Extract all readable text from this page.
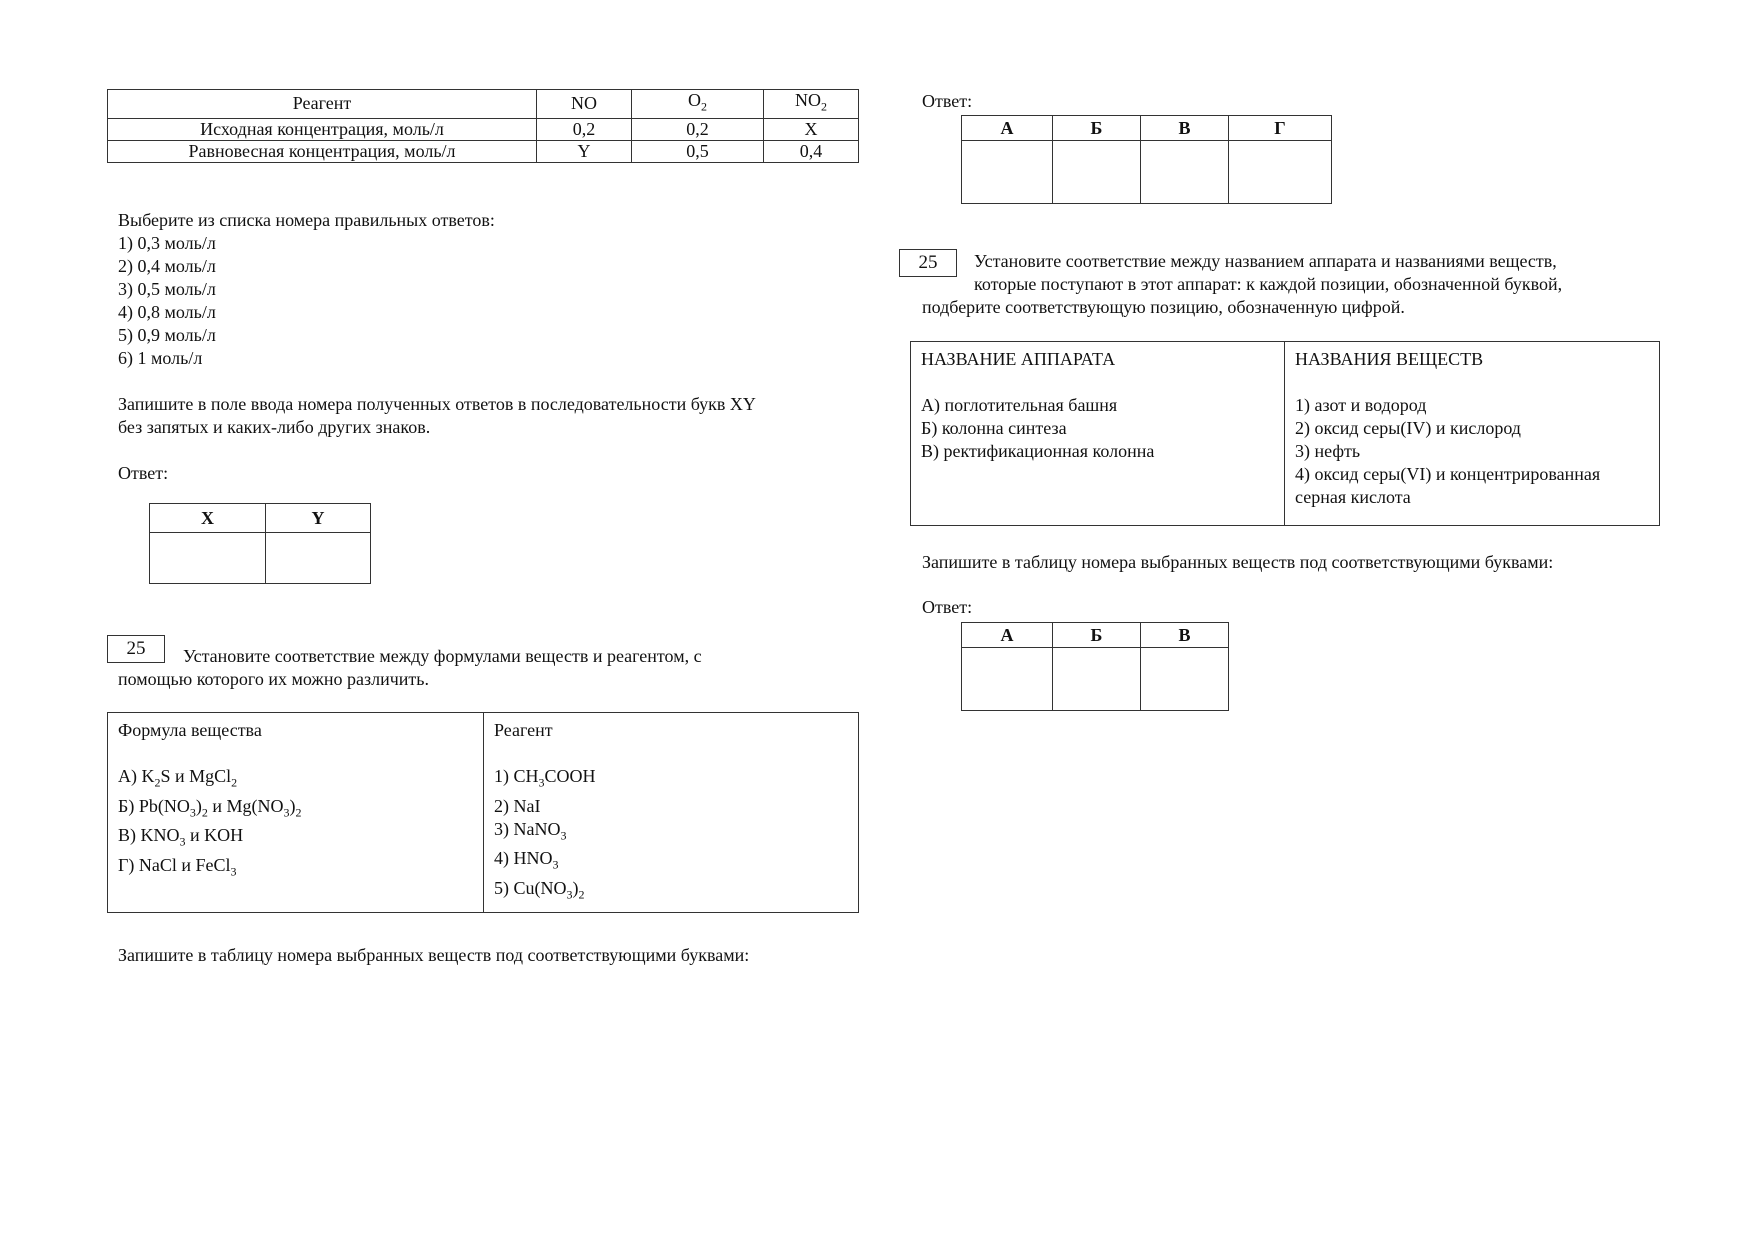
Реагент	NO	$O_2$	$NO_2$
Исходная концентрация, моль/л	0,2	0,2	X
Равновесная концентрация, моль/л	Y	0,5	0,4
Выберите из списка номера правильных ответов:
1) 0,3 моль/л
2) 0,4 моль/л
3) 0,5 моль/л
4) 0,8 моль/л
5) 0,9 моль/л
6) 1 моль/л
Запишите в поле ввода номера полученных ответов в последовательности букв XY
без запятых и каких-либо других знаков.
Ответ:
X	Y

25	Установите соответствие между формулами веществ и реагентом, с
помощью которого их можно различить.
Формула вещества
А) $K_2S$ и MgCl$_2$
Б) $Pb(NO_3)_2$ и $Mg(NO_3)_2$
В) $KNO_3$ и KOH
Г) NaCl и FeCl$_3$

Реагент
1) $CH_3COOH$
2) NaI
3) NaNO$_3$
4) $HNO_3$
5) $Cu(NO_3)_2$
Запишите в таблицу номера выбранных веществ под соответствующими буквами:
Ответ:
А	Б	В	Г

25	Установите соответствие между названием аппарата и названиями веществ,
которые поступают в этот аппарат: к каждой позиции, обозначенной буквой,
подберите соответствующую позицию, обозначенную цифрой.
НАЗВАНИЕ АППАРАТА
А) поглотительная башня
Б) колонна синтеза
В) ректификационная колонна

НАЗВАНИЯ ВЕЩЕСТВ
1) азот и водород
2) оксид серы(IV) и кислород
3) нефть
4) оксид серы(VI) и концентрированная
серная кислота
Запишите в таблицу номера выбранных веществ под соответствующими буквами:
Ответ:
А	Б	В
